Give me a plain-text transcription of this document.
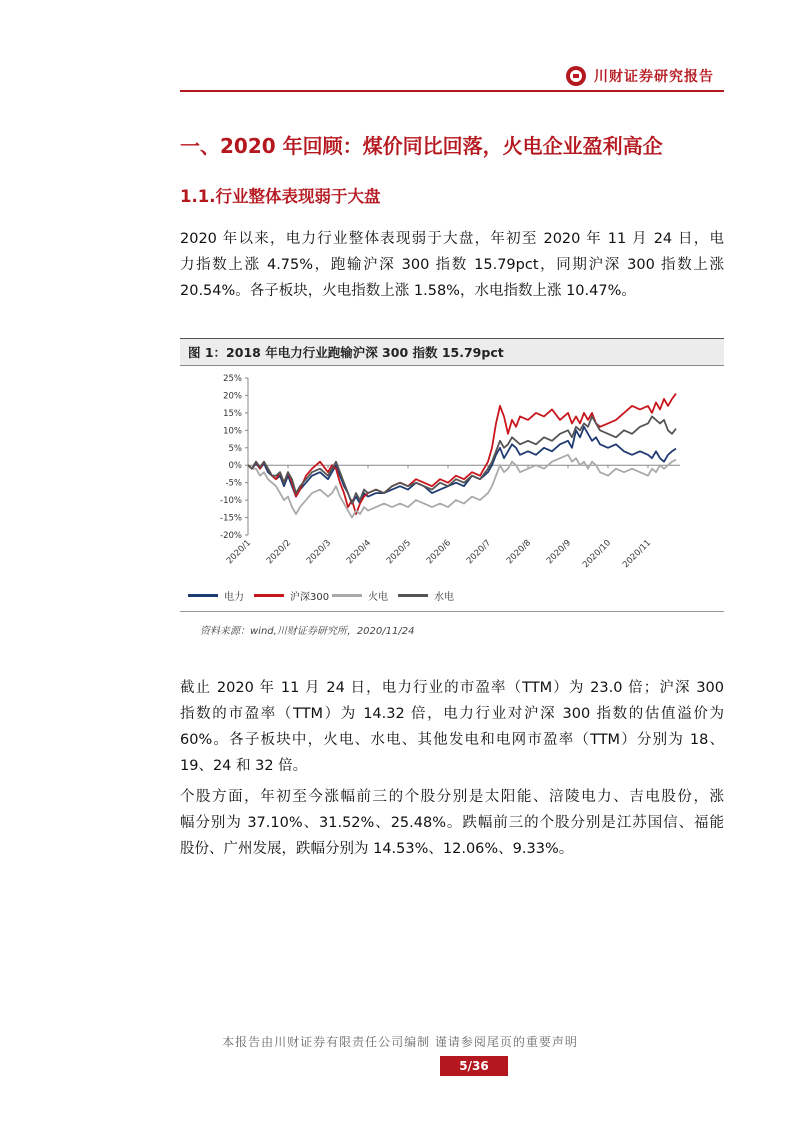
川财证券研究报告
一、2020 年回顾：煤价同比回落，火电企业盈利高企
1.1.行业整体表现弱于大盘

2020 年以来，电力行业整体表现弱于大盘，年初至 2020 年 11 月 24 日，电
力指数上涨 4.75%，跑输沪深 300 指数 15.79pct，同期沪深 300 指数上涨
20.54%。各子板块，火电指数上涨 1.58%，水电指数上涨 10.47%。

图 1：2018 年电力行业跑输沪深 300 指数 15.79pct
25%
20%
15%
10%
5%
0%
-5%
-10%
-15%
-20%
2020/1 2020/2 2020/3 2020/4 2020/5 2020/6 2020/7 2020/8 2020/9 2020/10 2020/11
电力	沪深300	火电	水电
资料来源：wind,川财证券研究所，2020/11/24

截止 2020 年 11 月 24 日，电力行业的市盈率（TTM）为 23.0 倍；沪深 300
指数的市盈率（TTM）为 14.32 倍，电力行业对沪深 300 指数的估值溢价为
60%。各子板块中，火电、水电、其他发电和电网市盈率（TTM）分别为 18、
19、24 和 32 倍。

个股方面，年初至今涨幅前三的个股分别是太阳能、涪陵电力、吉电股份，涨
幅分别为 37.10%、31.52%、25.48%。跌幅前三的个股分别是江苏国信、福能
股份、广州发展，跌幅分别为 14.53%、12.06%、9.33%。

本报告由川财证券有限责任公司编制 谨请参阅尾页的重要声明
5/36
